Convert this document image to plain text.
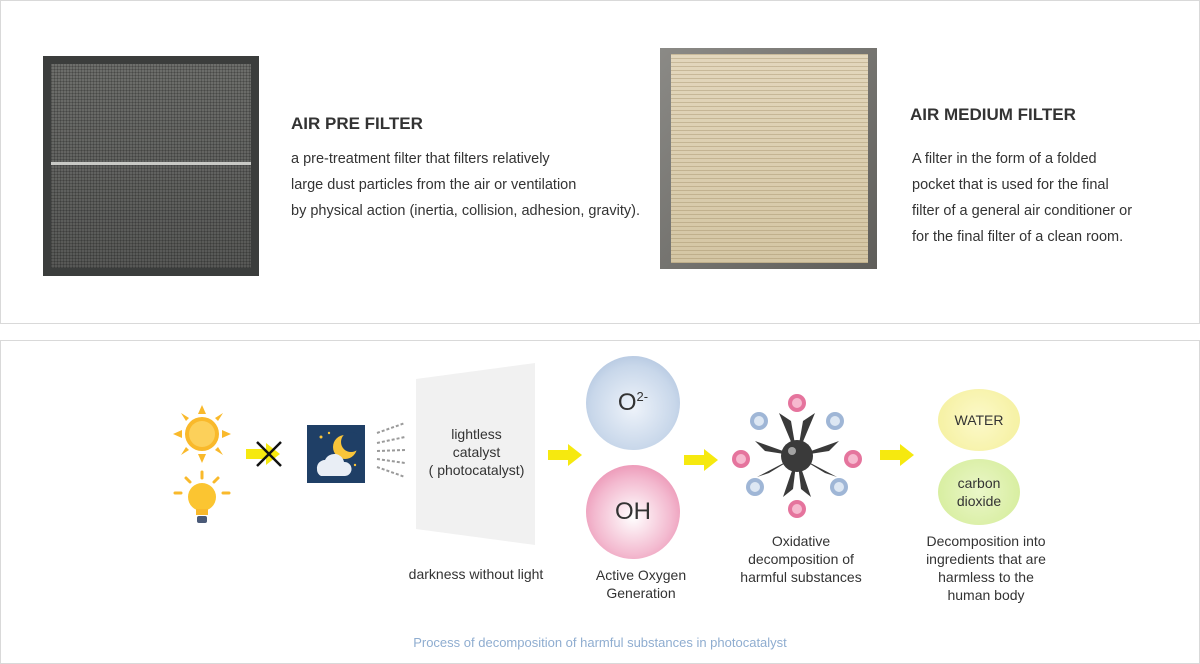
AIR PRE FILTER

a pre-treatment filter that filters relatively
large dust particles from the air or ventilation
by physical action (inertia, collision, adhesion, gravity).

AIR MEDIUM FILTER

A filter in the form of a folded
pocket that is used for the final
filter of a general air conditioner or
for the final filter of a clean room.

lightless
catalyst
( photocatalyst)
darkness without light
$O^{2-}$
OH
Active Oxygen
Generation
Oxidative
decomposition of
harmful substances
WATER
carbon
dioxide
Decomposition into
ingredients that are
harmless to the
human body
Process of decomposition of harmful substances in photocatalyst
